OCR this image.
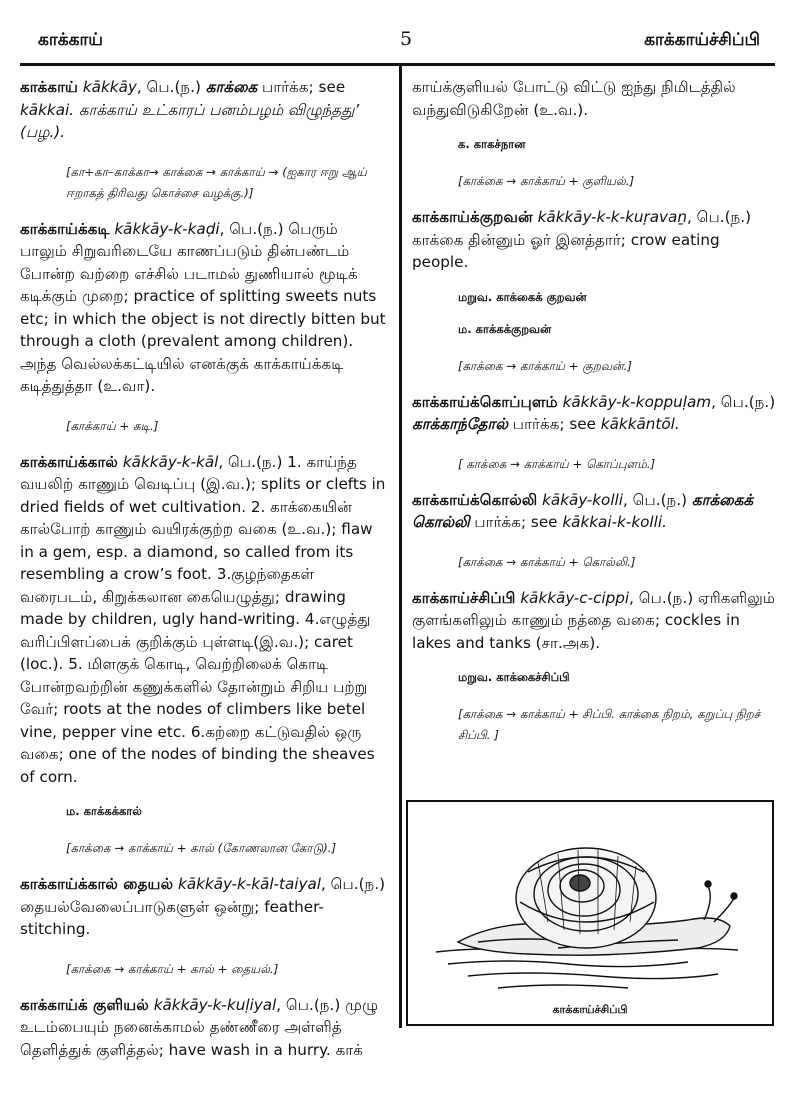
காக்காய்	5	காக்காய்ச்சிப்பி
காக்காய் kākkāy, பெ.(ந.) காக்கை பார்க்க; see kākkai. காக்காய் உட்காரப் பனம்பழம் விழுந்தது’ (பழ.).
[கா+கா–காக்கா→ காக்கை → காக்காய் → (ஐகார ஈறு ஆய் ஈறாகத் திரிவது கொச்சை வழக்கு.)]
காக்காய்க்கடி kākkāy-k-kaḍi, பெ.(ந.) பெரும் பாலும் சிறுவரிடையே காணப்படும் தின்பண்டம் போன்ற வற்றை எச்சில் படாமல் துணியால் மூடிக் கடிக்கும் முறை; practice of splitting sweets nuts etc; in which the object is not directly bitten but through a cloth (prevalent among children). அந்த வெல்லக்கட்டியில் எனக்குக் காக்காய்க்கடி கடித்துத்தா (உ.வா).
[காக்காய் + கடி.]
காக்காய்க்கால் kākkāy-k-kāl, பெ.(ந.) 1. காய்ந்த வயலிற் காணும் வெடிப்பு (இ.வ.); splits or clefts in dried fields of wet cultivation. 2. காக்கையின் கால்போற் காணும் வயிரக்குற்ற வகை (உ.வ.); flaw in a gem, esp. a diamond, so called from its resembling a crow’s foot. 3.குழந்தைகள் வரைபடம், கிறுக்கலான கையெழுத்து; drawing made by children, ugly hand-writing. 4.எழுத்து வரிப்பிளப்பைக் குறிக்கும் புள்ளடி(இ.வ.); caret (loc.). 5. மிளகுக் கொடி, வெற்றிலைக் கொடி போன்றவற்றின் கணுக்களில் தோன்றும் சிறிய பற்று வேர்; roots at the nodes of climbers like betel vine, pepper vine etc. 6.கற்றை கட்டுவதில் ஒரு வகை; one of the nodes of binding the sheaves of corn.
ம. காக்கக்கால்
[காக்கை → காக்காய் + கால் (கோணலான கோடு).]
காக்காய்க்கால் தையல் kākkāy-k-kāl-taiyal, பெ.(ந.) தையல்வேலைப்பாடுகளுள் ஒன்று; feather-stitching.
[காக்கை → காக்காய் + கால் + தையல்.]
காக்காய்க் குளியல் kākkāy-k-kuḷiyal, பெ.(ந.) முழு உடம்பையும் நனைக்காமல் தண்ணீரை அள்ளித் தெளித்துக் குளித்தல்; have wash in a hurry. காக்
காய்க்குளியல் போட்டு விட்டு ஐந்து நிமிடத்தில் வந்துவிடுகிறேன் (உ.வ.).
க. காகச்நான
[காக்கை → காக்காய் + குளியல்.]
காக்காய்க்குறவன் kākkāy-k-k-kuṛavaṉ, பெ.(ந.) காக்கை தின்னும் ஓர் இனத்தார்; crow eating people.
மறுவ. காக்கைக் குறவன்
ம. காக்கக்குறவன்
[காக்கை → காக்காய் + குறவன்.]
காக்காய்க்கொப்புளம் kākkāy-k-koppuḷam, பெ.(ந.) காக்காந்தோல் பார்க்க; see kākkāntōl.
[ காக்கை → காக்காய் + கொப்புளம்.]
காக்காய்க்கொல்லி kākāy-kolli, பெ.(ந.) காக்கைக் கொல்லி பார்க்க; see kākkai-k-kolli.
[காக்கை → காக்காய் + கொல்லி.]
காக்காய்ச்சிப்பி kākkāy-c-cippi, பெ.(ந.) ஏரிகளிலும் குளங்களிலும் காணும் நத்தை வகை; cockles in lakes and tanks (சா.அக).
மறுவ. காக்கைச்சிப்பி
[காக்கை → காக்காய் + சிப்பி. காக்கை நிறம், கறுப்பு நிறச் சிப்பி. ]
காக்காய்ச்சிப்பி
